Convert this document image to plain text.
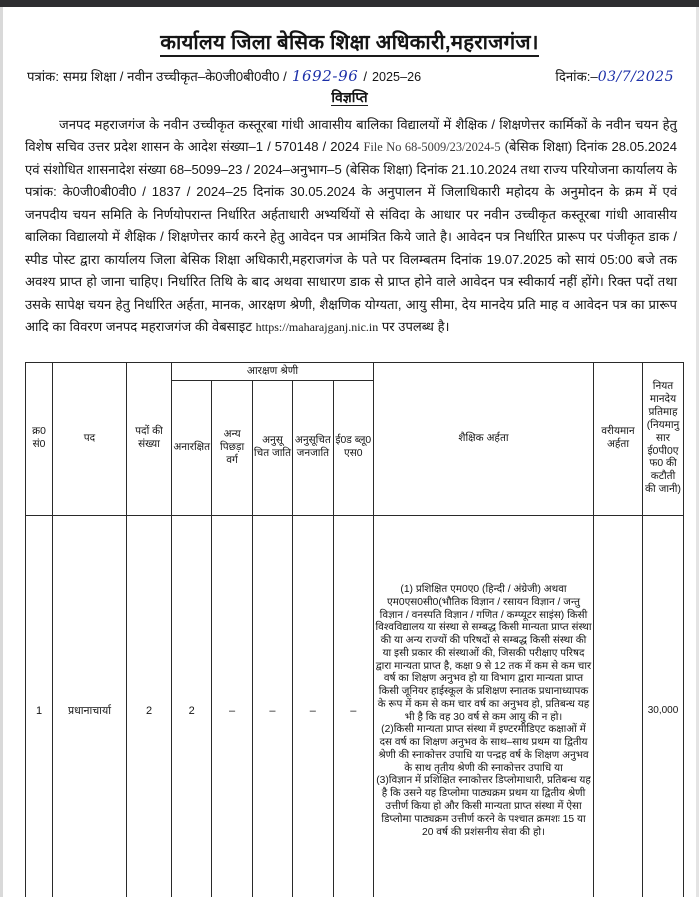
कार्यालय जिला बेसिक शिक्षा अधिकारी,महराजगंज।
पत्रांक: समग्र शिक्षा / नवीन उच्चीकृत–के0जी0बी0वी0 / 1692-96 / 2025–26	दिनांक:– 03/7/2025
विज्ञप्ति
जनपद महराजगंज के नवीन उच्चीकृत कस्तूरबा गांधी आवासीय बालिका विद्यालयों में शैक्षिक / शिक्षणेत्तर कार्मिकों के नवीन चयन हेतु विशेष सचिव उत्तर प्रदेश शासन के आदेश संख्या–1 / 570148 / 2024 File No 68-5009/23/2024-5 (बेसिक शिक्षा) दिनांक 28.05.2024 एवं संशोधित शासनादेश संख्या 68–5099–23 / 2024–अनुभाग–5 (बेसिक शिक्षा) दिनांक 21.10.2024 तथा राज्य परियोजना कार्यालय के पत्रांक: के0जी0बी0वी0 / 1837 / 2024–25 दिनांक 30.05.2024 के अनुपालन में जिलाधिकारी महोदय के अनुमोदन के क्रम में एवं जनपदीय चयन समिति के निर्णयोपरान्त निर्धारित अर्हताधारी अभ्यर्थियों से संविदा के आधार पर नवीन उच्चीकृत कस्तूरबा गांधी आवासीय बालिका विद्यालयो में शैक्षिक / शिक्षणेत्तर कार्य करने हेतु आवेदन पत्र आमंत्रित किये जाते है। आवेदन पत्र निर्धारित प्रारूप पर पंजीकृत डाक / स्पीड पोस्ट द्वारा कार्यालय जिला बेसिक शिक्षा अधिकारी,महराजगंज के पते पर विलम्बतम दिनांक 19.07.2025 को सायं 05:00 बजे तक अवश्य प्राप्त हो जाना चाहिए। निर्धारित तिथि के बाद अथवा साधारण डाक से प्राप्त होने वाले आवेदन पत्र स्वीकार्य नहीं होंगे। रिक्त पदों तथा उसके सापेक्ष चयन हेतु निर्धारित अर्हता, मानक, आरक्षण श्रेणी, शैक्षणिक योग्यता, आयु सीमा, देय मानदेय प्रति माह व आवेदन पत्र का प्रारूप आदि का विवरण जनपद महराजगंज की वेबसाइट https://maharajganj.nic.in पर उपलब्ध है।
क्र0 सं0	पद	पदों की संख्या	आरक्षण श्रेणी					शैक्षिक अर्हता	वरीयमान अर्हता	नियत मानदेय प्रतिमाह (नियमानुसार ई0पी0एफ0 की कटौती की जानी)
			अनारक्षित	अन्य पिछड़ा वर्ग	अनुसू चित जाति	अनुसूचित जनजाति	ई0ड ब्लू0 एस0			
1	प्रधानाचार्या	2	2	–	–	–	–	(1) प्रशिक्षित एम0ए0 (हिन्दी / अंग्रेजी) अथवा एम0एस0सी0(भौतिक विज्ञान / रसायन विज्ञान / जन्तु विज्ञान / वनस्पति विज्ञान / गणित / कम्प्यूटर साइंस) किसी विश्वविद्यालय या संस्था से सम्बद्ध किसी मान्यता प्राप्त संस्था की या अन्य राज्यों की परिषदों से सम्बद्ध किसी संस्था की या इसी प्रकार की संस्थाओं की, जिसकी परीक्षाए परिषद द्वारा मान्यता प्राप्त है, कक्षा 9 से 12 तक में कम से कम चार वर्ष का शिक्षण अनुभव हो या विभाग द्वारा मान्यता प्राप्त किसी जूनियर हाईस्कूल के प्रशिक्षण स्नातक प्रधानाध्यापक के रूप में कम से कम चार वर्ष का अनुभव हो, प्रतिबन्ध यह भी है कि वह 30 वर्ष से कम आयु की न हो।

(2)किसी मान्यता प्राप्त संस्था में इण्टरमीडिएट कक्षाओं में दस वर्ष का शिक्षण अनुभव के साथ–साथ प्रथम या द्वितीय श्रेणी की स्नाकोत्तर उपाधि या पन्द्रह वर्ष के शिक्षण अनुभव के साथ तृतीय श्रेणी की स्नाकोत्तर उपाधि या

(3)विज्ञान में प्रशिक्षित स्नाकोत्तर डिप्लोमाधारी, प्रतिबन्ध यह है कि उसने यह डिप्लोमा पाठ्यक्रम प्रथम या द्वितीय श्रेणी उत्तीर्ण किया हो और किसी मान्यता प्राप्त संस्था में ऐसा डिप्लोमा पाठ्यक्रम उत्तीर्ण करने के पश्चात क्रमशः 15 या 20 वर्ष की प्रशंसनीय सेवा की हो।		30,000
